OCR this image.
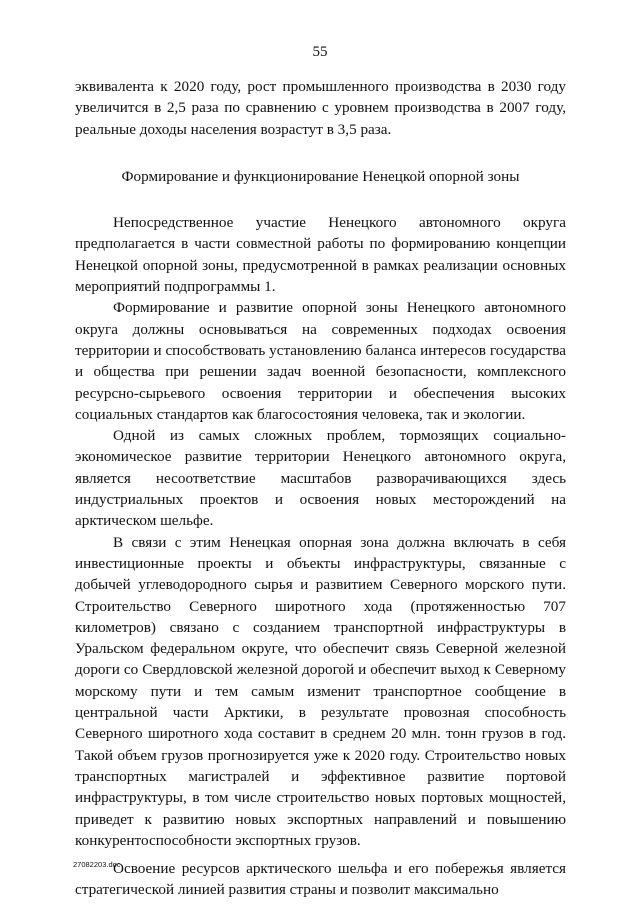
55

эквивалента к 2020 году, рост промышленного производства в 2030 году увеличится в 2,5 раза по сравнению с уровнем производства в 2007 году, реальные доходы населения возрастут в 3,5 раза.

Формирование и функционирование Ненецкой опорной зоны

Непосредственное участие Ненецкого автономного округа предполагается в части совместной работы по формированию концепции Ненецкой опорной зоны, предусмотренной в рамках реализации основных мероприятий подпрограммы 1.

Формирование и развитие опорной зоны Ненецкого автономного округа должны основываться на современных подходах освоения территории и способствовать установлению баланса интересов государства и общества при решении задач военной безопасности, комплексного ресурсно-сырьевого освоения территории и обеспечения высоких социальных стандартов как благосостояния человека, так и экологии.

Одной из самых сложных проблем, тормозящих социально-экономическое развитие территории Ненецкого автономного округа, является несоответствие масштабов разворачивающихся здесь индустриальных проектов и освоения новых месторождений на арктическом шельфе.

В связи с этим Ненецкая опорная зона должна включать в себя инвестиционные проекты и объекты инфраструктуры, связанные с добычей углеводородного сырья и развитием Северного морского пути. Строительство Северного широтного хода (протяженностью 707 километров) связано с созданием транспортной инфраструктуры в Уральском федеральном округе, что обеспечит связь Северной железной дороги со Свердловской железной дорогой и обеспечит выход к Северному морскому пути и тем самым изменит транспортное сообщение в центральной части Арктики, в результате провозная способность Северного широтного хода составит в среднем 20 млн. тонн грузов в год. Такой объем грузов прогнозируется уже к 2020 году. Строительство новых транспортных магистралей и эффективное развитие портовой инфраструктуры, в том числе строительство новых портовых мощностей, приведет к развитию новых экспортных направлений и повышению конкурентоспособности экспортных грузов.

Освоение ресурсов арктического шельфа и его побережья является стратегической линией развития страны и позволит максимально

27082203.doc
